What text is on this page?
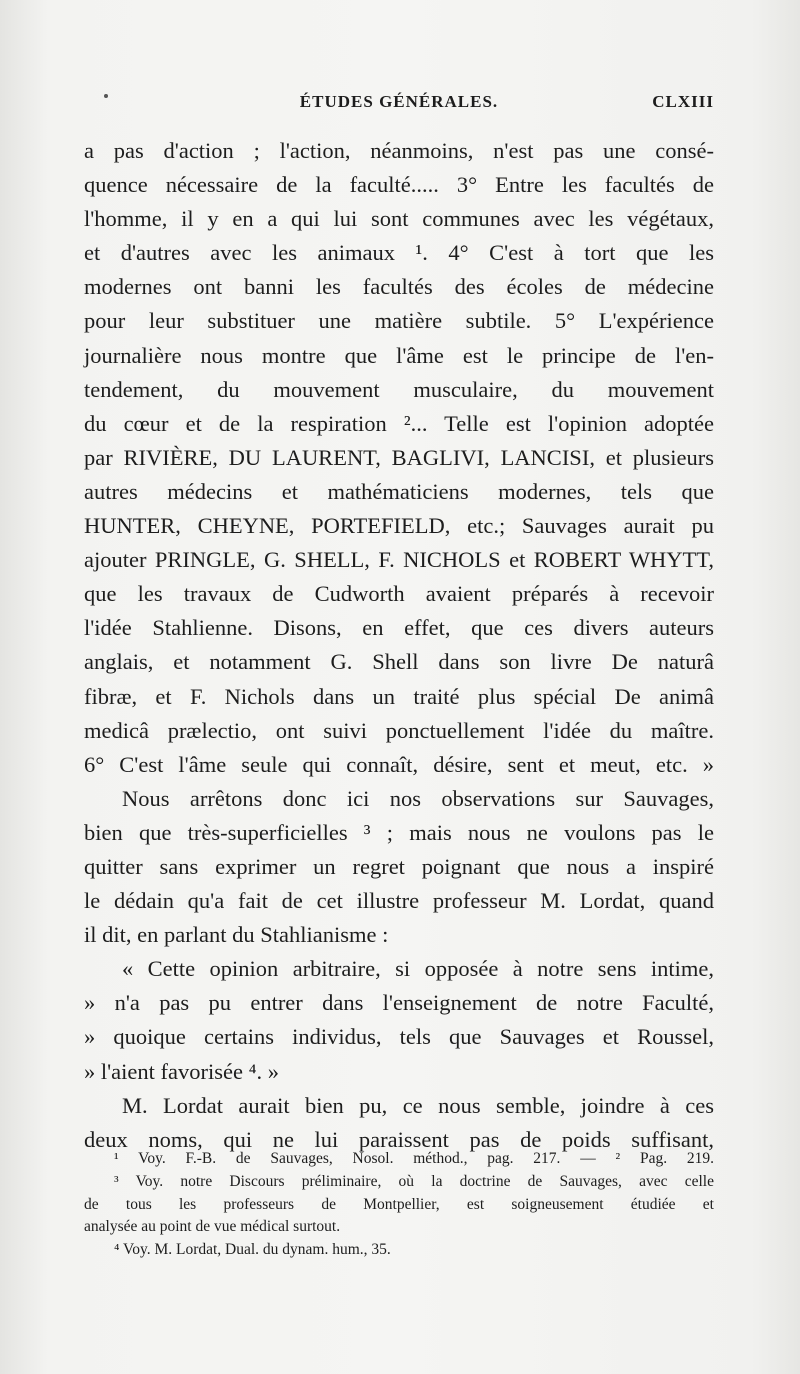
ÉTUDES GÉNÉRALES.	CLXIII
a pas d'action ; l'action, néanmoins, n'est pas une consé-
quence nécessaire de la faculté..... 3° Entre les facultés de
l'homme, il y en a qui lui sont communes avec les végétaux,
et d'autres avec les animaux ¹. 4° C'est à tort que les
modernes ont banni les facultés des écoles de médecine
pour leur substituer une matière subtile. 5° L'expérience
journalière nous montre que l'âme est le principe de l'en-
tendement, du mouvement musculaire, du mouvement
du cœur et de la respiration ²... Telle est l'opinion adoptée
par RIVIÈRE, DU LAURENT, BAGLIVI, LANCISI, et plusieurs
autres médecins et mathématiciens modernes, tels que
HUNTER, CHEYNE, PORTEFIELD, etc.; Sauvages aurait pu
ajouter PRINGLE, G. SHELL, F. NICHOLS et ROBERT WHYTT,
que les travaux de Cudworth avaient préparés à recevoir
l'idée Stahlienne. Disons, en effet, que ces divers auteurs
anglais, et notamment G. Shell dans son livre De naturâ
fibræ, et F. Nichols dans un traité plus spécial De animâ
medicâ prælectio, ont suivi ponctuellement l'idée du maître.
6° C'est l'âme seule qui connaît, désire, sent et meut, etc. »
Nous arrêtons donc ici nos observations sur Sauvages,
bien que très-superficielles ³ ; mais nous ne voulons pas le
quitter sans exprimer un regret poignant que nous a inspiré
le dédain qu'a fait de cet illustre professeur M. Lordat, quand
il dit, en parlant du Stahlianisme :
« Cette opinion arbitraire, si opposée à notre sens intime,
» n'a pas pu entrer dans l'enseignement de notre Faculté,
» quoique certains individus, tels que Sauvages et Roussel,
» l'aient favorisée ⁴. »
M. Lordat aurait bien pu, ce nous semble, joindre à ces
deux noms, qui ne lui paraissent pas de poids suffisant,
¹ Voy. F.-B. de Sauvages, Nosol. méthod., pag. 217. — ² Pag. 219.
³ Voy. notre Discours préliminaire, où la doctrine de Sauvages, avec celle
de tous les professeurs de Montpellier, est soigneusement étudiée et
analysée au point de vue médical surtout.
⁴ Voy. M. Lordat, Dual. du dynam. hum., 35.
